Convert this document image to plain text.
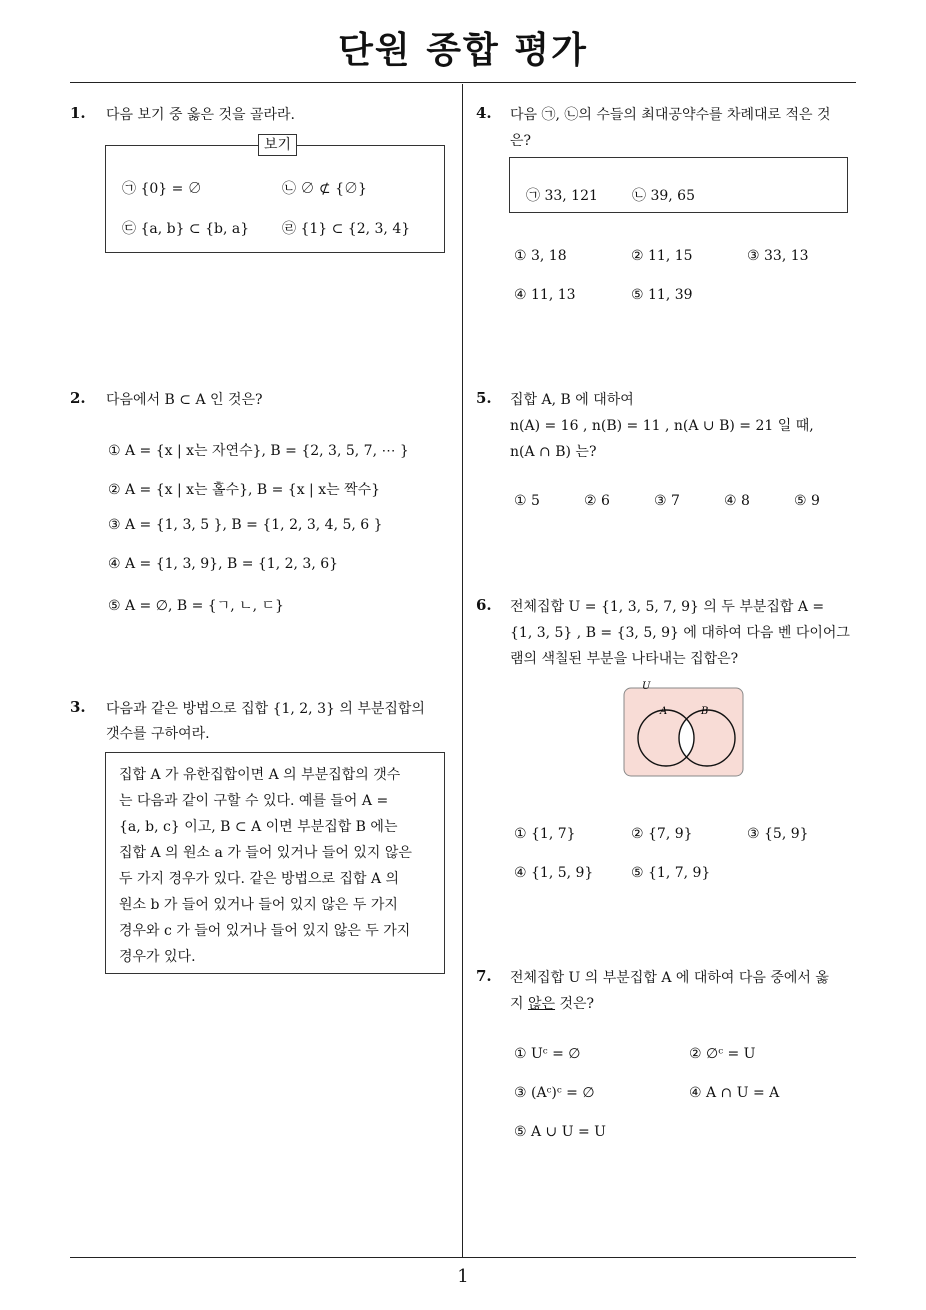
단원 종합 평가
1
1. 다음 보기 중 옳은 것을 골라라.
보기
㉠ {0} = ∅	㉡ ∅ ⊄ {∅}
㉢ {a, b} ⊂ {b, a} ㉣ {1} ⊂ {2, 3, 4}
2. 다음에서 B ⊂ A 인 것은?
① A = {x | x는 자연수}, B = {2, 3, 5, 7, ⋯ }
② A = {x | x는 홀수}, B = {x | x는 짝수}
③ A = {1, 3, 5 }, B = {1, 2, 3, 4, 5, 6 }
④ A = {1, 3, 9}, B = {1, 2, 3, 6}
⑤ A = ∅, B = {ㄱ, ㄴ, ㄷ}
3. 다음과 같은 방법으로 집합 {1, 2, 3} 의 부분집합의
갯수를 구하여라.
집합 A 가 유한집합이면 A 의 부분집합의 갯수
는 다음과 같이 구할 수 있다. 예를 들어 A =
{a, b, c} 이고, B ⊂ A 이면 부분집합 B 에는
집합 A 의 원소 a 가 들어 있거나 들어 있지 않은
두 가지 경우가 있다. 같은 방법으로 집합 A 의
원소 b 가 들어 있거나 들어 있지 않은 두 가지
경우와 c 가 들어 있거나 들어 있지 않은 두 가지
경우가 있다.
4. 다음 ㉠, ㉡의 수들의 최대공약수를 차례대로 적은 것
은?
㉠ 33, 121 ㉡ 39, 65
① 3, 18	② 11, 15	③ 33, 13
④ 11, 13	⑤ 11, 39
5. 집합 A, B 에 대하여
n(A) = 16 , n(B) = 11 , n(A ∪ B) = 21 일 때,
n(A ∩ B) 는?
① 5	② 6	③ 7	④ 8	⑤ 9
6. 전체집합 U = {1, 3, 5, 7, 9} 의 두 부분집합 A =
{1, 3, 5} , B = {3, 5, 9} 에 대하여 다음 벤 다이어그
램의 색칠된 부분을 나타내는 집합은?
U
A	B
① {1, 7}	② {7, 9}	③ {5, 9}
④ {1, 5, 9}	⑤ {1, 7, 9}
7. 전체집합 U 의 부분집합 A 에 대하여 다음 중에서 옳
지 않은 것은?
① Uᶜ = ∅	② ∅ᶜ = U
③ (Aᶜ)ᶜ = ∅	④ A ∩ U = A
⑤ A ∪ U = U
